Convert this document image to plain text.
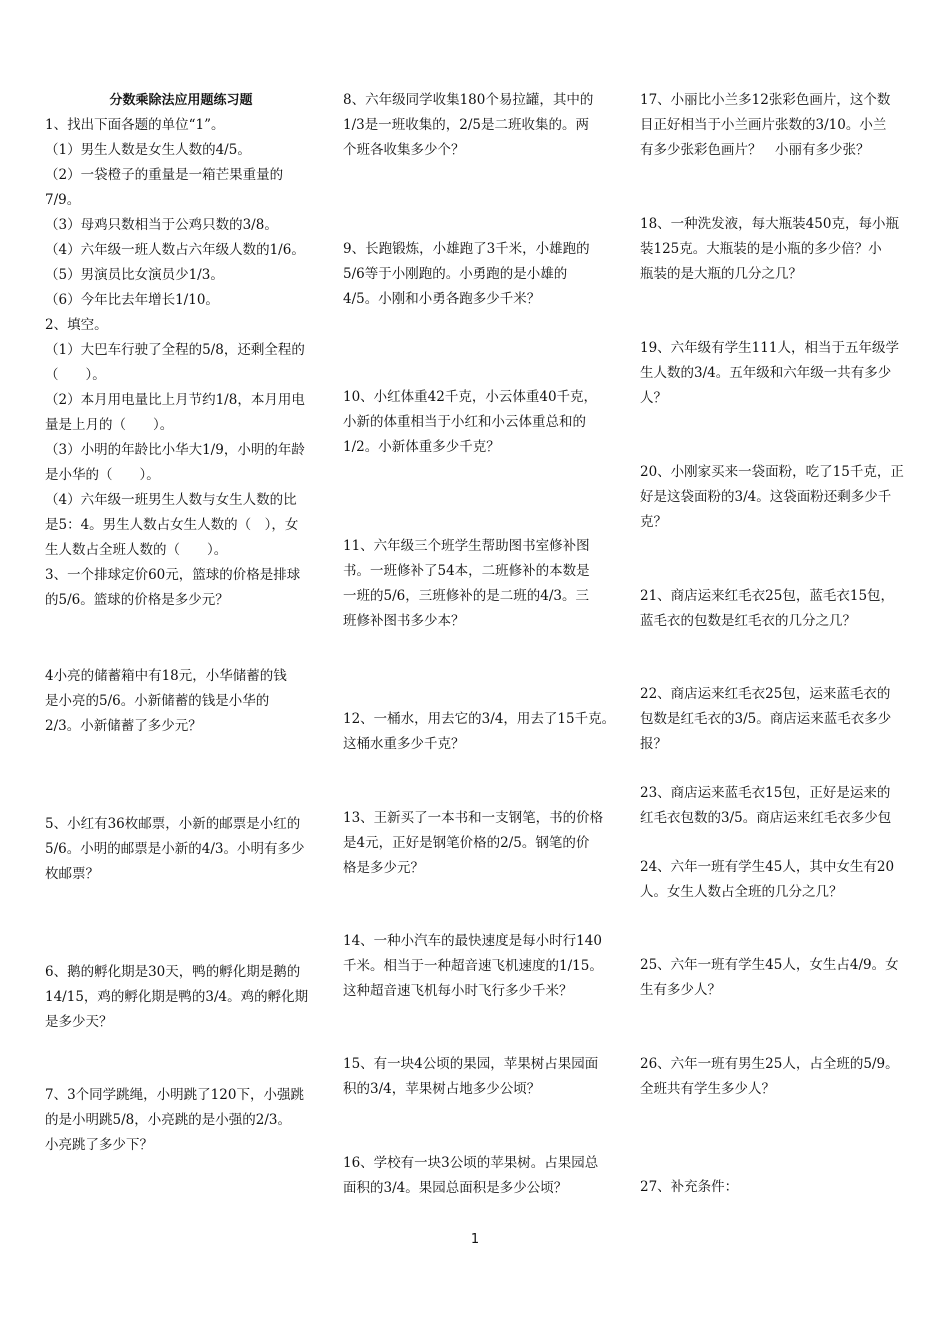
分数乘除法应用题练习题
1、找出下面各题的单位“1”。
（1）男生人数是女生人数的4/5。
（2）一袋橙子的重量是一箱芒果重量的
7/9。
（3）母鸡只数相当于公鸡只数的3/8。
（4）六年级一班人数占六年级人数的1/6。
（5）男演员比女演员少1/3。
（6）今年比去年增长1/10。
2、填空。
（1）大巴车行驶了全程的5/8，还剩全程的
（　　）。
（2）本月用电量比上月节约1/8，本月用电
量是上月的（　　）。
（3）小明的年龄比小华大1/9，小明的年龄
是小华的（　　）。
（4）六年级一班男生人数与女生人数的比
是5：4。男生人数占女生人数的（　），女
生人数占全班人数的（　　）。
3、一个排球定价60元，篮球的价格是排球
的5/6。篮球的价格是多少元？
4小亮的储蓄箱中有18元，小华储蓄的钱
是小亮的5/6。小新储蓄的钱是小华的
2/3。小新储蓄了多少元？
5、小红有36枚邮票，小新的邮票是小红的
5/6。小明的邮票是小新的4/3。小明有多少
枚邮票？
6、鹅的孵化期是30天，鸭的孵化期是鹅的
14/15，鸡的孵化期是鸭的3/4。鸡的孵化期
是多少天？
7、3个同学跳绳，小明跳了120下，小强跳
的是小明跳5/8，小亮跳的是小强的2/3。
小亮跳了多少下？
8、六年级同学收集180个易拉罐，其中的
1/3是一班收集的，2/5是二班收集的。两
个班各收集多少个？
9、长跑锻炼，小雄跑了3千米，小雄跑的
5/6等于小刚跑的。小勇跑的是小雄的
4/5。小刚和小勇各跑多少千米？
10、小红体重42千克，小云体重40千克，
小新的体重相当于小红和小云体重总和的
1/2。小新体重多少千克？
11、六年级三个班学生帮助图书室修补图
书。一班修补了54本，二班修补的本数是
一班的5/6，三班修补的是二班的4/3。三
班修补图书多少本？
12、一桶水，用去它的3/4，用去了15千克。
这桶水重多少千克？
13、王新买了一本书和一支钢笔，书的价格
是4元，正好是钢笔价格的2/5。钢笔的价
格是多少元？
14、一种小汽车的最快速度是每小时行140
千米。相当于一种超音速飞机速度的1/15。
这种超音速飞机每小时飞行多少千米？
15、有一块4公顷的果园，苹果树占果园面
积的3/4，苹果树占地多少公顷？
16、学校有一块3公顷的苹果树。占果园总
面积的3/4。果园总面积是多少公顷？
17、小丽比小兰多12张彩色画片，这个数
目正好相当于小兰画片张数的3/10。小兰
有多少张彩色画片？　小丽有多少张？
18、一种洗发液，每大瓶装450克，每小瓶
装125克。大瓶装的是小瓶的多少倍？小
瓶装的是大瓶的几分之几？
19、六年级有学生111人，相当于五年级学
生人数的3/4。五年级和六年级一共有多少
人？
20、小刚家买来一袋面粉，吃了15千克，正
好是这袋面粉的3/4。这袋面粉还剩多少千
克？
21、商店运来红毛衣25包，蓝毛衣15包，
蓝毛衣的包数是红毛衣的几分之几？
22、商店运来红毛衣25包，运来蓝毛衣的
包数是红毛衣的3/5。商店运来蓝毛衣多少
报？
23、商店运来蓝毛衣15包，正好是运来的
红毛衣包数的3/5。商店运来红毛衣多少包
24、六年一班有学生45人，其中女生有20
人。女生人数占全班的几分之几？
25、六年一班有学生45人，女生占4/9。女
生有多少人？
26、六年一班有男生25人，占全班的5/9。
全班共有学生多少人？
27、补充条件：
1
